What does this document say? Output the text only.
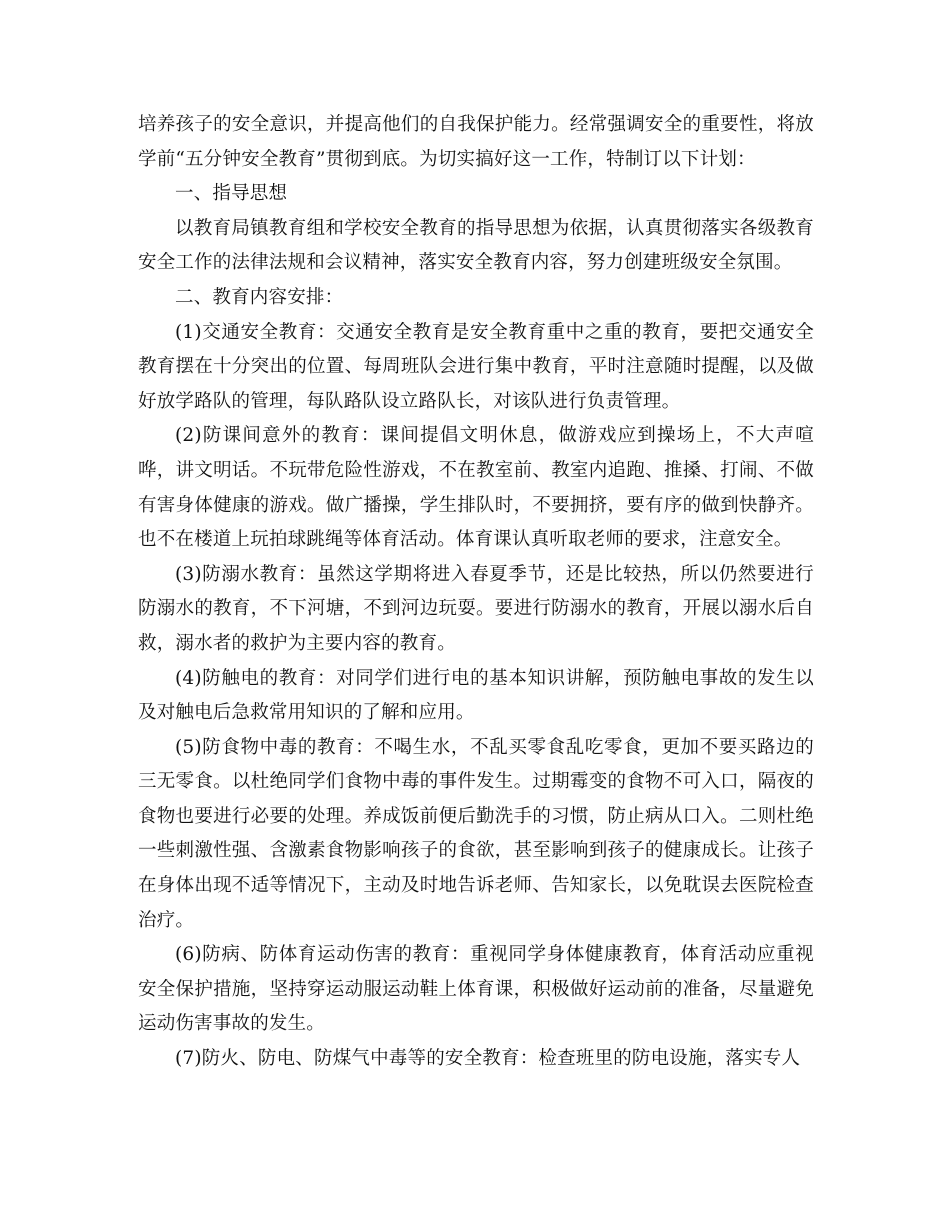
培养孩子的安全意识，并提高他们的自我保护能力。经常强调安全的重要性，将放学前“五分钟安全教育”贯彻到底。为切实搞好这一工作，特制订以下计划：

一、指导思想

以教育局镇教育组和学校安全教育的指导思想为依据，认真贯彻落实各级教育安全工作的法律法规和会议精神，落实安全教育内容，努力创建班级安全氛围。

二、教育内容安排：

(1)交通安全教育：交通安全教育是安全教育重中之重的教育，要把交通安全教育摆在十分突出的位置、每周班队会进行集中教育，平时注意随时提醒，以及做好放学路队的管理，每队路队设立路队长，对该队进行负责管理。

(2)防课间意外的教育：课间提倡文明休息，做游戏应到操场上，不大声喧哗，讲文明话。不玩带危险性游戏，不在教室前、教室内追跑、推搡、打闹、不做有害身体健康的游戏。做广播操，学生排队时，不要拥挤，要有序的做到快静齐。也不在楼道上玩拍球跳绳等体育活动。体育课认真听取老师的要求，注意安全。

(3)防溺水教育：虽然这学期将进入春夏季节，还是比较热，所以仍然要进行防溺水的教育，不下河塘，不到河边玩耍。要进行防溺水的教育，开展以溺水后自救，溺水者的救护为主要内容的教育。

(4)防触电的教育：对同学们进行电的基本知识讲解，预防触电事故的发生以及对触电后急救常用知识的了解和应用。

(5)防食物中毒的教育：不喝生水，不乱买零食乱吃零食，更加不要买路边的三无零食。以杜绝同学们食物中毒的事件发生。过期霉变的食物不可入口，隔夜的食物也要进行必要的处理。养成饭前便后勤洗手的习惯，防止病从口入。二则杜绝一些刺激性强、含激素食物影响孩子的食欲，甚至影响到孩子的健康成长。让孩子在身体出现不适等情况下，主动及时地告诉老师、告知家长，以免耽误去医院检查治疗。

(6)防病、防体育运动伤害的教育：重视同学身体健康教育，体育活动应重视安全保护措施，坚持穿运动服运动鞋上体育课，积极做好运动前的准备，尽量避免运动伤害事故的发生。

(7)防火、防电、防煤气中毒等的安全教育：检查班里的防电设施，落实专人
